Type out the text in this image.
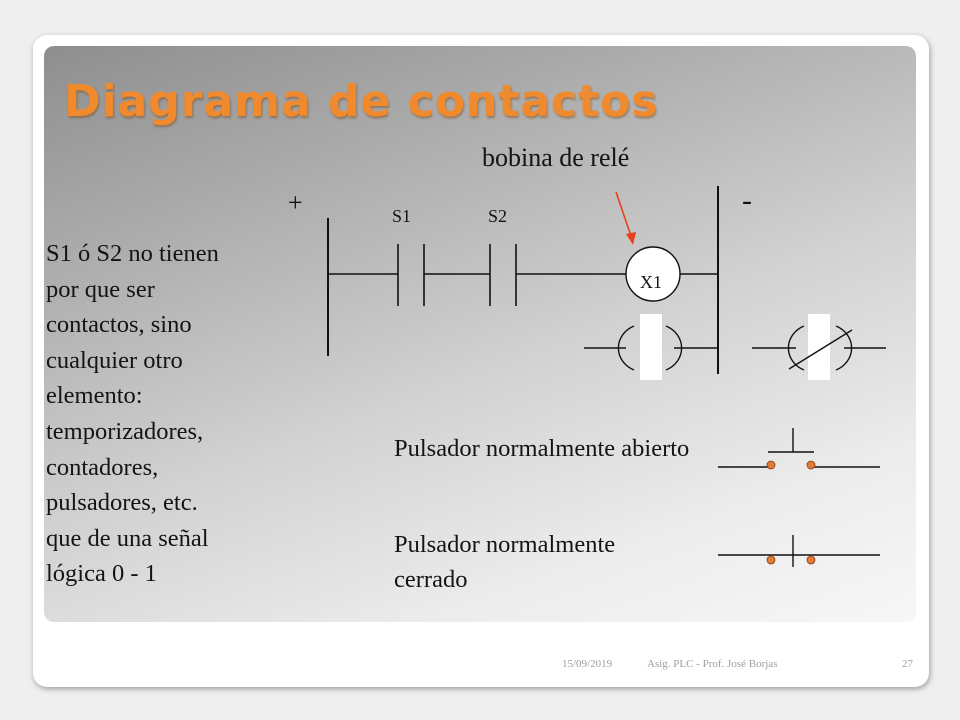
Diagrama de contactos
S1 ó S2 no tienen
por que ser
contactos, sino
cualquier otro
elemento:
temporizadores,
contadores,
pulsadores, etc.
que de una señal
lógica 0 - 1
bobina de relé
+	-
S1	S2
X1
Pulsador normalmente abierto
Pulsador normalmente cerrado
15/09/2019	Asig. PLC - Prof. José Borjas	27
